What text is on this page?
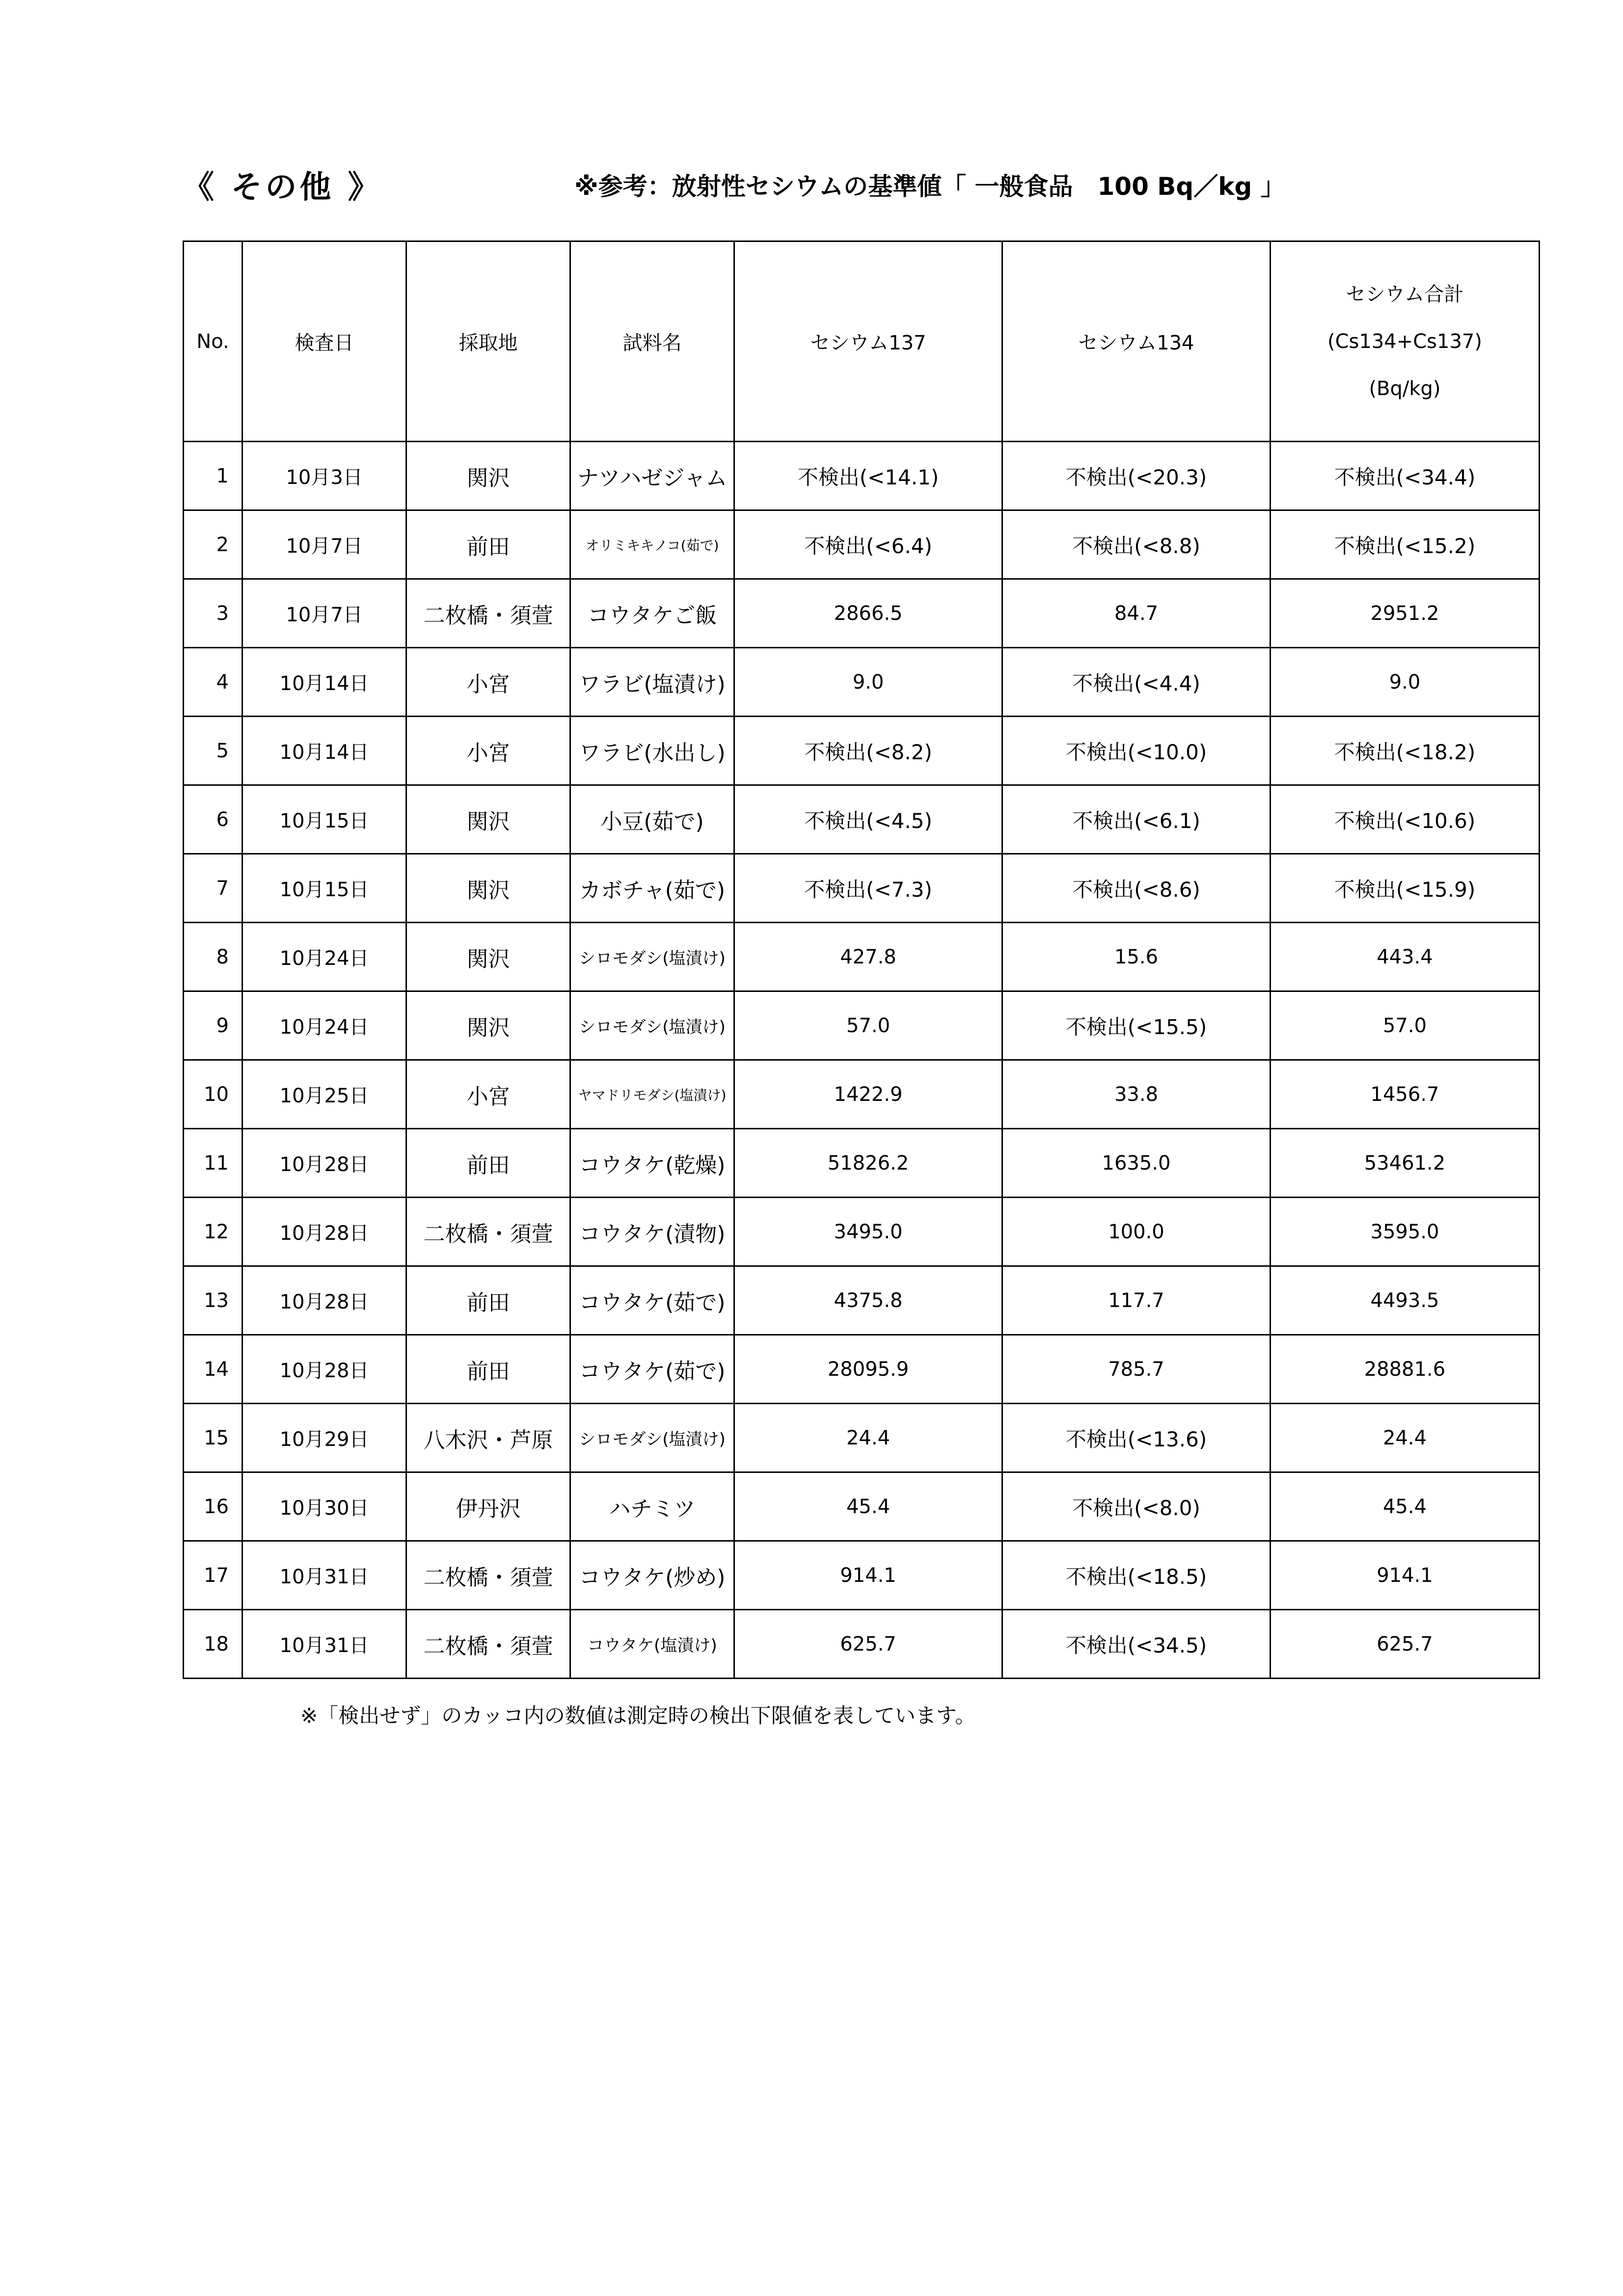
《 その他 》	※参考：放射性セシウムの基準値「 一般食品　100 Bq／kg 」
No.	検査日	採取地	試料名	セシウム137	セシウム134	セシウム合計
(Cs134+Cs137)
(Bq/kg)

1	10月3日	関沢	ナツハゼジャム	不検出(<14.1)	不検出(<20.3)	不検出(<34.4)
2	10月7日	前田	オリミキキノコ(茹で)	不検出(<6.4)	不検出(<8.8)	不検出(<15.2)
3	10月7日	二枚橋・須萱	コウタケご飯	2866.5	84.7	2951.2
4	10月14日	小宮	ワラビ(塩漬け)	9.0	不検出(<4.4)	9.0
5	10月14日	小宮	ワラビ(水出し)	不検出(<8.2)	不検出(<10.0)	不検出(<18.2)
6	10月15日	関沢	小豆(茹で)	不検出(<4.5)	不検出(<6.1)	不検出(<10.6)
7	10月15日	関沢	カボチャ(茹で)	不検出(<7.3)	不検出(<8.6)	不検出(<15.9)
8	10月24日	関沢	シロモダシ(塩漬け)	427.8	15.6	443.4
9	10月24日	関沢	シロモダシ(塩漬け)	57.0	不検出(<15.5)	57.0
10	10月25日	小宮	ヤマドリモダシ(塩漬け)	1422.9	33.8	1456.7
11	10月28日	前田	コウタケ(乾燥)	51826.2	1635.0	53461.2
12	10月28日	二枚橋・須萱	コウタケ(漬物)	3495.0	100.0	3595.0
13	10月28日	前田	コウタケ(茹で)	4375.8	117.7	4493.5
14	10月28日	前田	コウタケ(茹で)	28095.9	785.7	28881.6
15	10月29日	八木沢・芦原	シロモダシ(塩漬け)	24.4	不検出(<13.6)	24.4
16	10月30日	伊丹沢	ハチミツ	45.4	不検出(<8.0)	45.4
17	10月31日	二枚橋・須萱	コウタケ(炒め)	914.1	不検出(<18.5)	914.1
18	10月31日	二枚橋・須萱	コウタケ(塩漬け)	625.7	不検出(<34.5)	625.7
※「検出せず」のカッコ内の数値は測定時の検出下限値を表しています。
